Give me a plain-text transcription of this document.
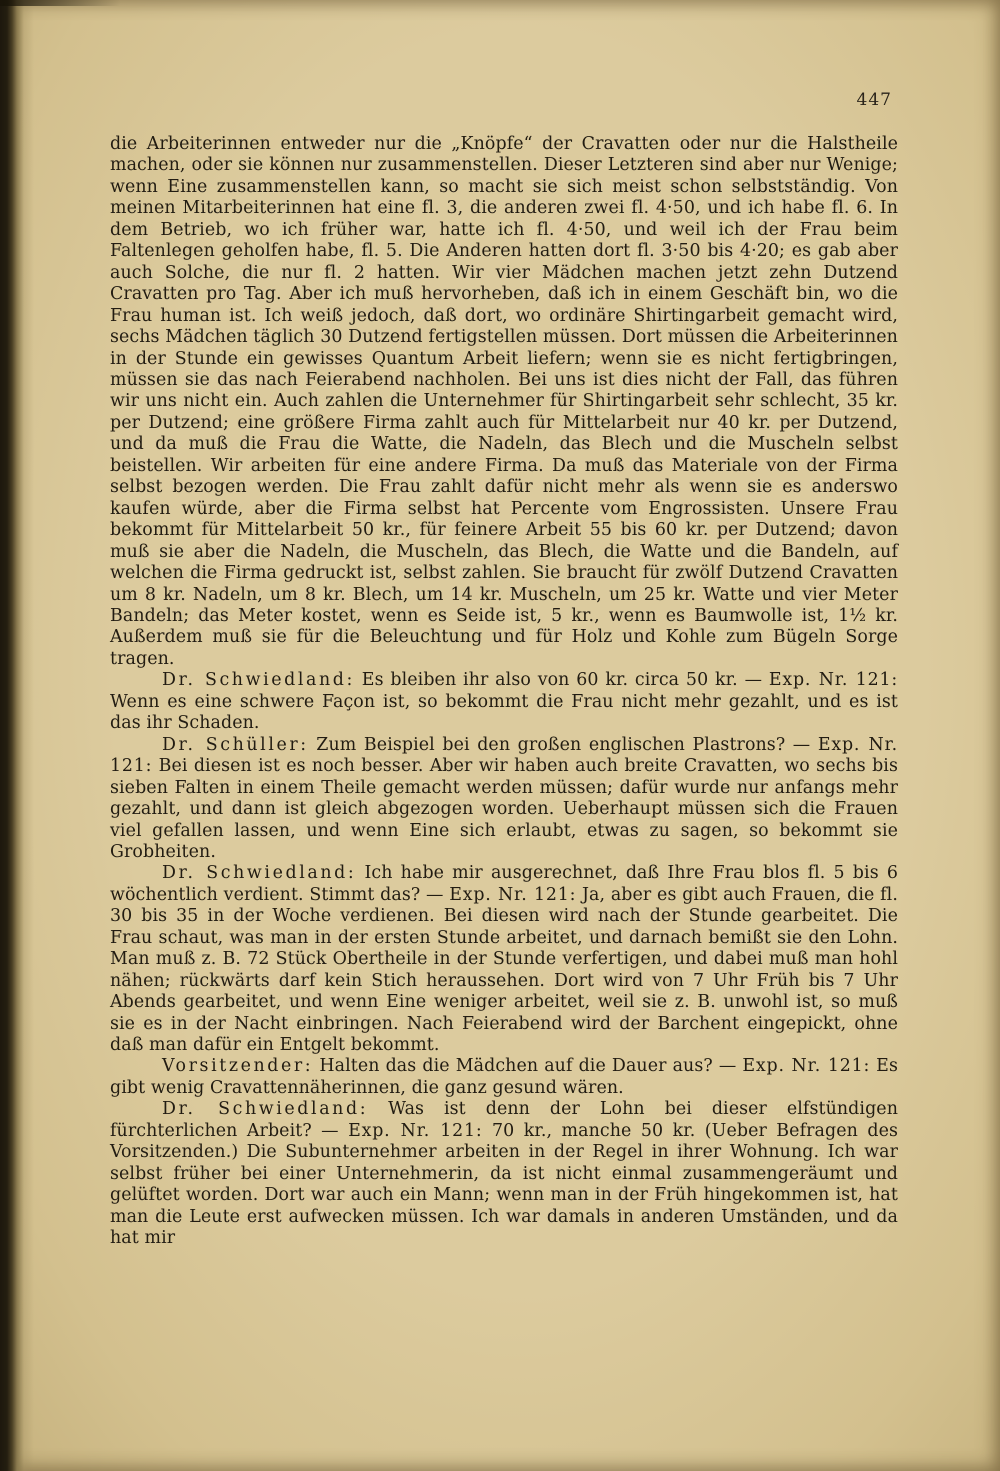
447

die Arbeiterinnen entweder nur die „Knöpfe“ der Cravatten oder nur die Halstheile machen, oder sie können nur zusammenstellen. Dieser Letzteren sind aber nur Wenige; wenn Eine zusammenstellen kann, so macht sie sich meist schon selbstständig. Von meinen Mitarbeiterinnen hat eine fl. 3, die anderen zwei fl. 4·50, und ich habe fl. 6. In dem Betrieb, wo ich früher war, hatte ich fl. 4·50, und weil ich der Frau beim Faltenlegen geholfen habe, fl. 5. Die Anderen hatten dort fl. 3·50 bis 4·20; es gab aber auch Solche, die nur fl. 2 hatten. Wir vier Mädchen machen jetzt zehn Dutzend Cravatten pro Tag. Aber ich muß hervorheben, daß ich in einem Geschäft bin, wo die Frau human ist. Ich weiß jedoch, daß dort, wo ordinäre Shirtingarbeit gemacht wird, sechs Mädchen täglich 30 Dutzend fertigstellen müssen. Dort müssen die Arbeiterinnen in der Stunde ein gewisses Quantum Arbeit liefern; wenn sie es nicht fertigbringen, müssen sie das nach Feierabend nachholen. Bei uns ist dies nicht der Fall, das führen wir uns nicht ein. Auch zahlen die Unternehmer für Shirtingarbeit sehr schlecht, 35 kr. per Dutzend; eine größere Firma zahlt auch für Mittelarbeit nur 40 kr. per Dutzend, und da muß die Frau die Watte, die Nadeln, das Blech und die Muscheln selbst beistellen. Wir arbeiten für eine andere Firma. Da muß das Materiale von der Firma selbst bezogen werden. Die Frau zahlt dafür nicht mehr als wenn sie es anderswo kaufen würde, aber die Firma selbst hat Percente vom Engrossisten. Unsere Frau bekommt für Mittelarbeit 50 kr., für feinere Arbeit 55 bis 60 kr. per Dutzend; davon muß sie aber die Nadeln, die Muscheln, das Blech, die Watte und die Bandeln, auf welchen die Firma gedruckt ist, selbst zahlen. Sie braucht für zwölf Dutzend Cravatten um 8 kr. Nadeln, um 8 kr. Blech, um 14 kr. Muscheln, um 25 kr. Watte und vier Meter Bandeln; das Meter kostet, wenn es Seide ist, 5 kr., wenn es Baumwolle ist, 1½ kr. Außerdem muß sie für die Beleuchtung und für Holz und Kohle zum Bügeln Sorge tragen.

Dr. Schwiedland: Es bleiben ihr also von 60 kr. circa 50 kr. — Exp. Nr. 121: Wenn es eine schwere Façon ist, so bekommt die Frau nicht mehr gezahlt, und es ist das ihr Schaden.

Dr. Schüller: Zum Beispiel bei den großen englischen Plastrons? — Exp. Nr. 121: Bei diesen ist es noch besser. Aber wir haben auch breite Cravatten, wo sechs bis sieben Falten in einem Theile gemacht werden müssen; dafür wurde nur anfangs mehr gezahlt, und dann ist gleich abgezogen worden. Ueberhaupt müssen sich die Frauen viel gefallen lassen, und wenn Eine sich erlaubt, etwas zu sagen, so bekommt sie Grobheiten.

Dr. Schwiedland: Ich habe mir ausgerechnet, daß Ihre Frau blos fl. 5 bis 6 wöchentlich verdient. Stimmt das? — Exp. Nr. 121: Ja, aber es gibt auch Frauen, die fl. 30 bis 35 in der Woche verdienen. Bei diesen wird nach der Stunde gearbeitet. Die Frau schaut, was man in der ersten Stunde arbeitet, und darnach bemißt sie den Lohn. Man muß z. B. 72 Stück Obertheile in der Stunde verfertigen, und dabei muß man hohl nähen; rückwärts darf kein Stich heraussehen. Dort wird von 7 Uhr Früh bis 7 Uhr Abends gearbeitet, und wenn Eine weniger arbeitet, weil sie z. B. unwohl ist, so muß sie es in der Nacht einbringen. Nach Feierabend wird der Barchent eingepickt, ohne daß man dafür ein Entgelt bekommt.

Vorsitzender: Halten das die Mädchen auf die Dauer aus? — Exp. Nr. 121: Es gibt wenig Cravattennäherinnen, die ganz gesund wären.

Dr. Schwiedland: Was ist denn der Lohn bei dieser elfstündigen fürchterlichen Arbeit? — Exp. Nr. 121: 70 kr., manche 50 kr. (Ueber Befragen des Vorsitzenden.) Die Subunternehmer arbeiten in der Regel in ihrer Wohnung. Ich war selbst früher bei einer Unternehmerin, da ist nicht einmal zusammengeräumt und gelüftet worden. Dort war auch ein Mann; wenn man in der Früh hingekommen ist, hat man die Leute erst aufwecken müssen. Ich war damals in anderen Umständen, und da hat mir
